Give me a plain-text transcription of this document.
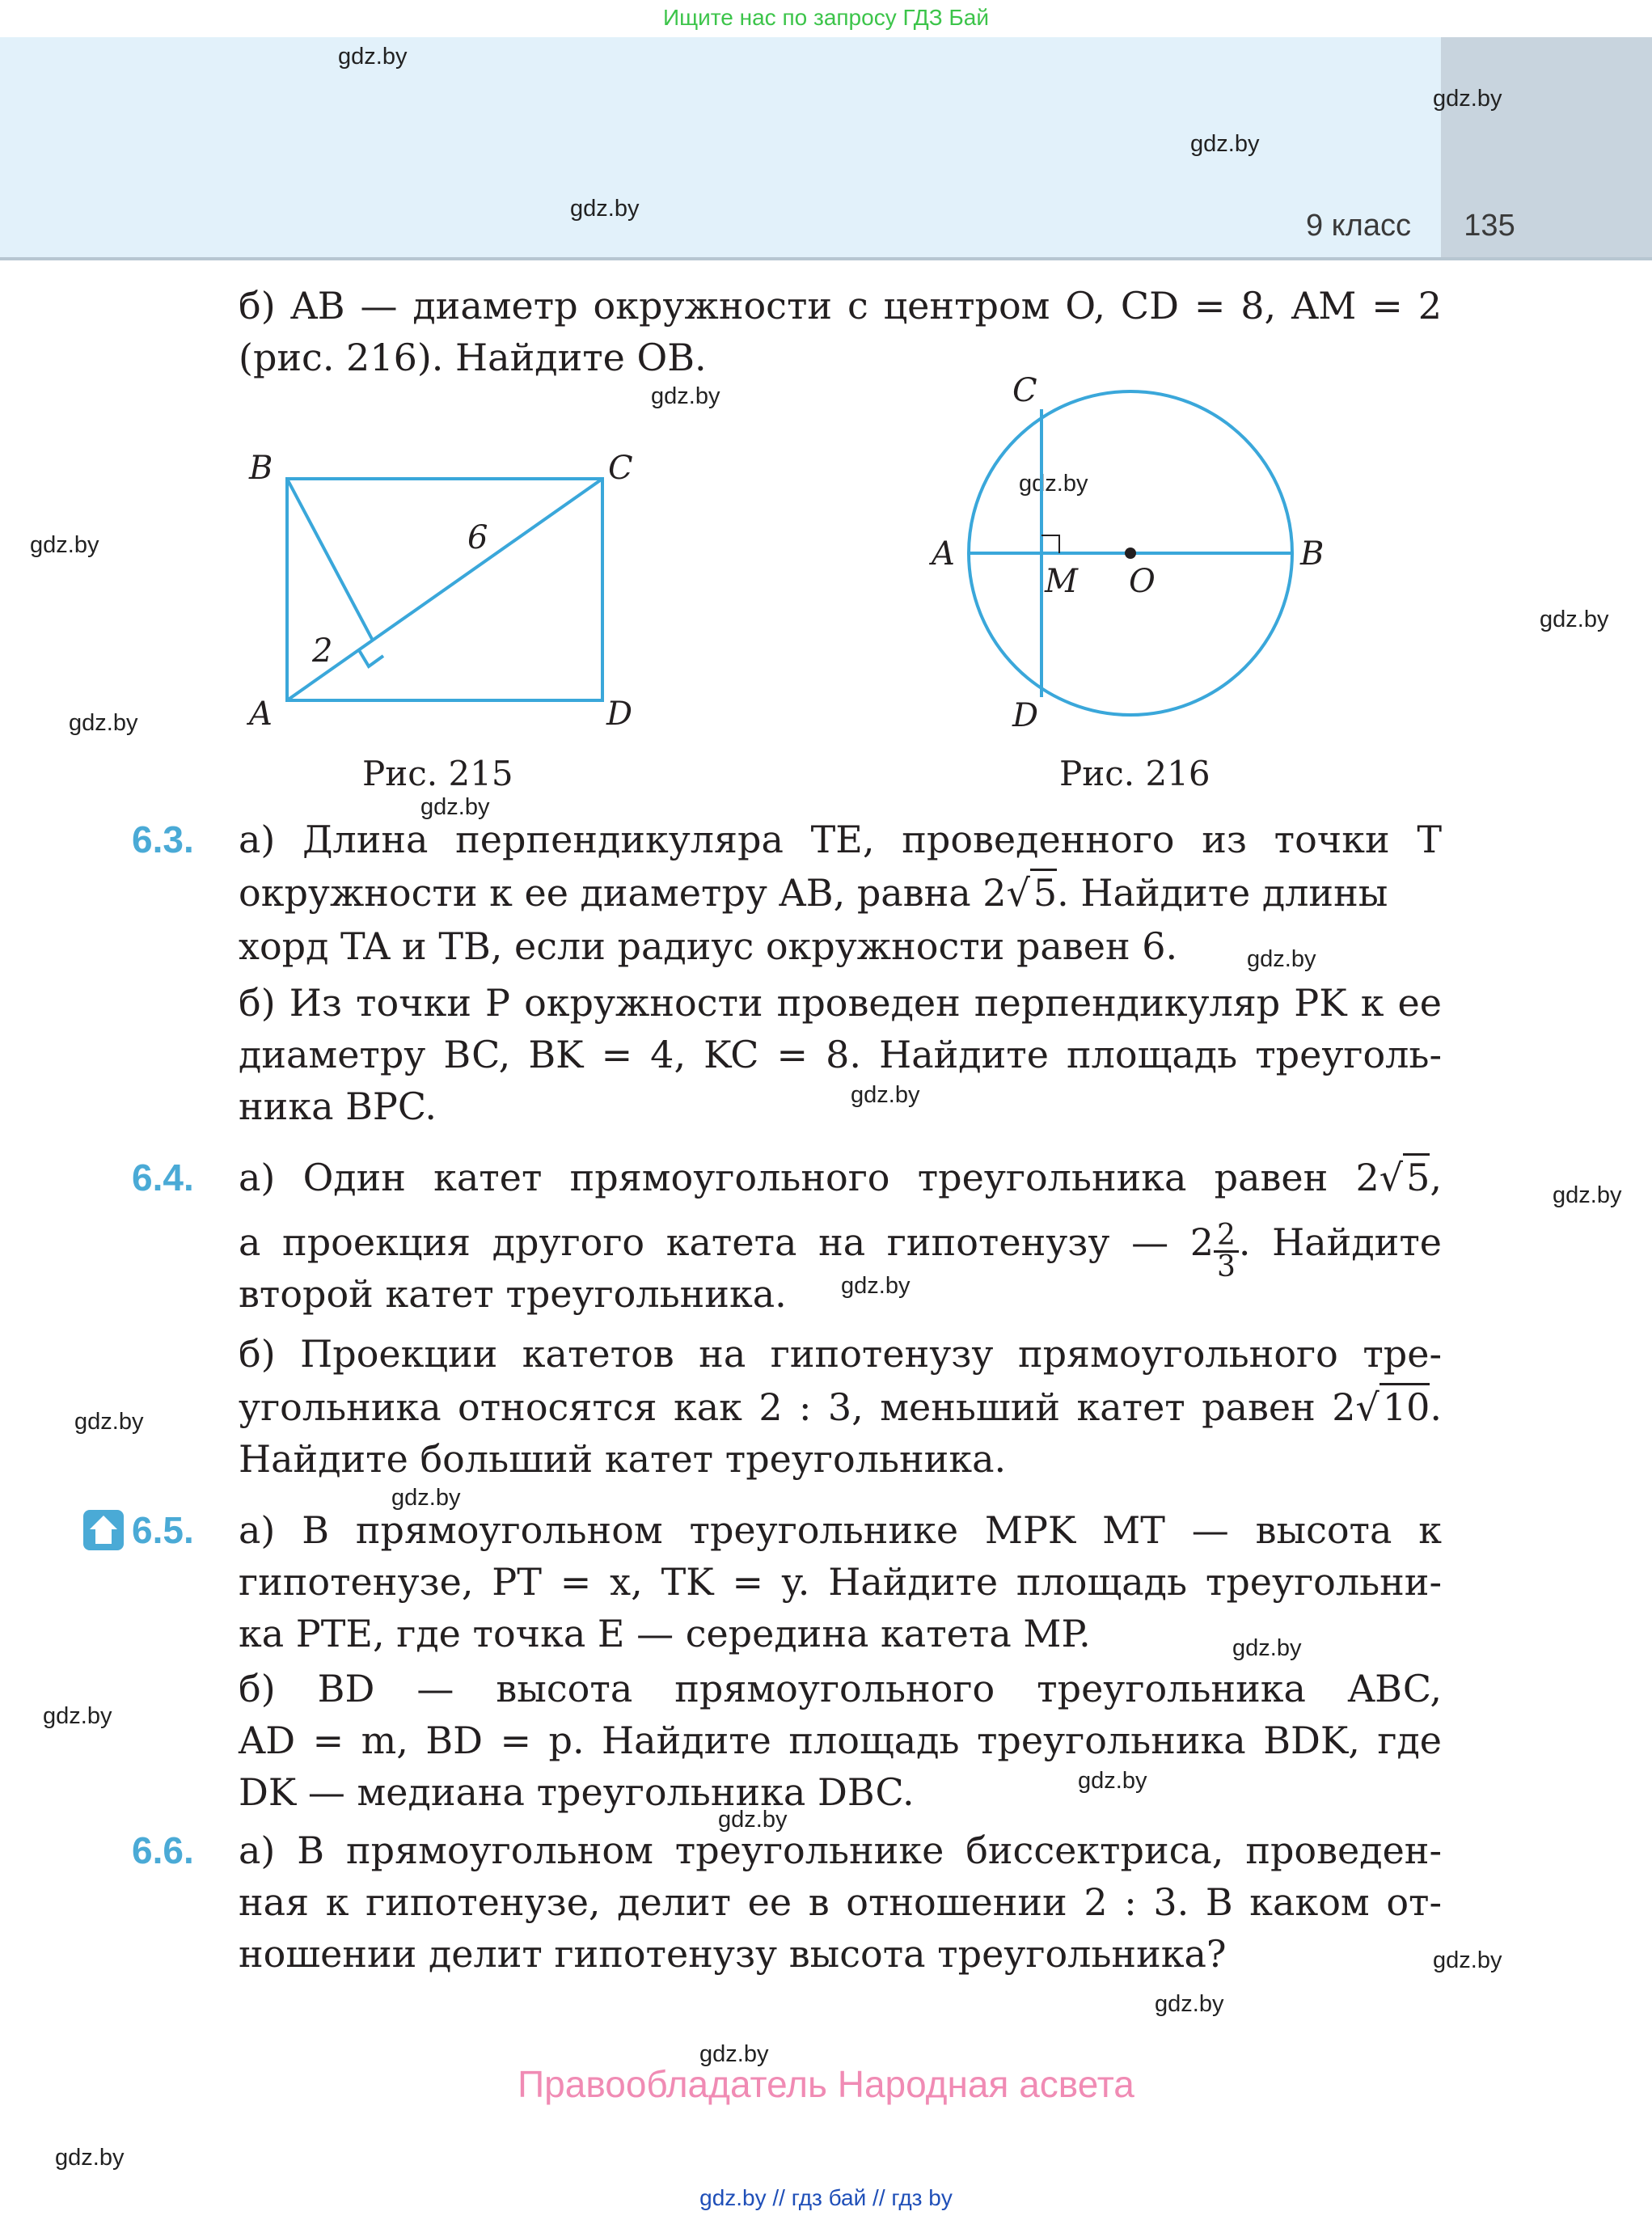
Ищите нас по запросу ГДЗ Бай
9 класс	135
gdz.by
gdz.by
gdz.by
gdz.by
gdz.by
gdz.by
gdz.by
gdz.by
gdz.by
gdz.by
gdz.by
gdz.by
gdz.by
gdz.by
gdz.by
gdz.by
gdz.by
gdz.by
gdz.by
gdz.by
gdz.by
gdz.by
gdz.by
gdz.by
б) AB — диаметр окружности с центром O, CD = 8, AM = 2
(рис. 216). Найдите OB.
B	C
A	D
6
2
Рис. 215
C
A	B
D
M O
Рис. 216
6.3. а) Длина перпендикуляра TE, проведенного из точки T
окружности к ее диаметру AB, равна 2√5. Найдите длины
хорд TA и TB, если радиус окружности равен 6.
б) Из точки P окружности проведен перпендикуляр PK к ее
диаметру BC, BK = 4, KC = 8. Найдите площадь треуголь-
ника BPC.
6.4. а) Один катет прямоугольного треугольника равен 2√5,
а проекция другого катета на гипотенузу — $2 \frac{2}{3}$ . Найдите
второй катет треугольника.
б) Проекции катетов на гипотенузу прямоугольного тре-
угольника относятся как 2 : 3, меньший катет равен 2√10.
Найдите больший катет треугольника.
6.5. а) В прямоугольном треугольнике MPK MT — высота к
гипотенузе, PT = x, TK = y. Найдите площадь треугольни-
ка PTE, где точка E — середина катета MP.
б) BD — высота прямоугольного треугольника ABC,
AD = m, BD = p. Найдите площадь треугольника BDK, где
DK — медиана треугольника DBC.
6.6. а) В прямоугольном треугольнике биссектриса, проведен-
ная к гипотенузе, делит ее в отношении 2 : 3. В каком от-
ношении делит гипотенузу высота треугольника?
Правообладатель Народная асвета
gdz.by // гдз бай // гдз by
